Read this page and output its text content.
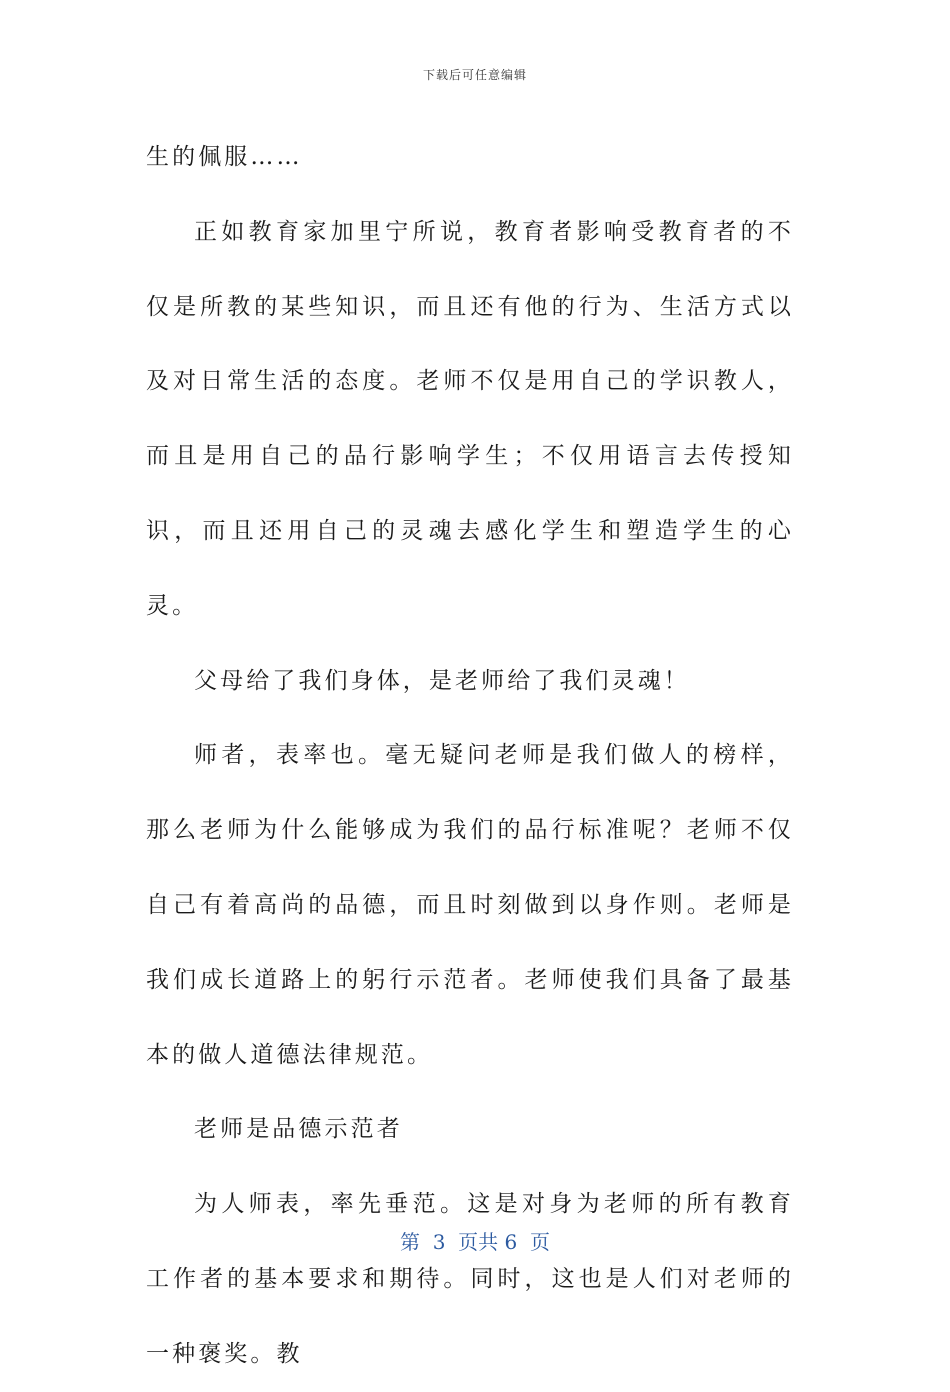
下载后可任意编辑

生的佩服……

正如教育家加里宁所说，教育者影响受教育者的不仅是所教的某些知识，而且还有他的行为、生活方式以及对日常生活的态度。老师不仅是用自己的学识教人，而且是用自己的品行影响学生；不仅用语言去传授知识，而且还用自己的灵魂去感化学生和塑造学生的心灵。

父母给了我们身体，是老师给了我们灵魂！

师者，表率也。毫无疑问老师是我们做人的榜样，那么老师为什么能够成为我们的品行标准呢？老师不仅自己有着高尚的品德，而且时刻做到以身作则。老师是我们成长道路上的躬行示范者。老师使我们具备了最基本的做人道德法律规范。

老师是品德示范者

为人师表，率先垂范。这是对身为老师的所有教育工作者的基本要求和期待。同时，这也是人们对老师的一种褒奖。教

第  3  页共 6  页
